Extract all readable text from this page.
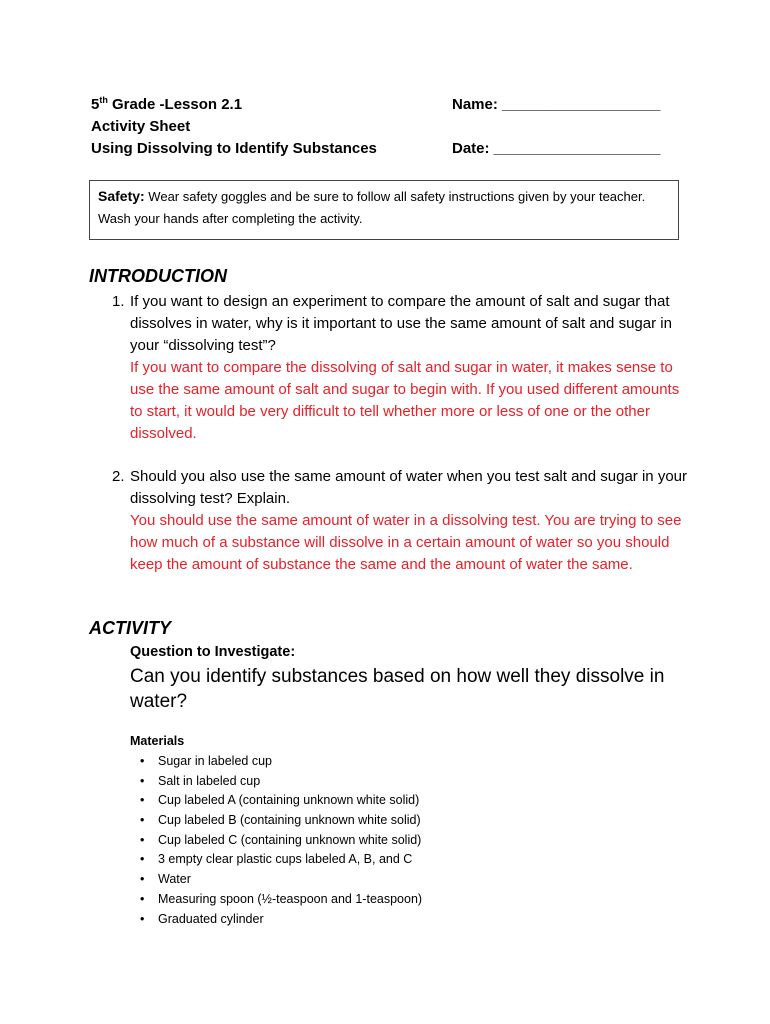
5th Grade -Lesson 2.1
Activity Sheet
Using Dissolving to Identify Substances
Name: ___________________
Date: ____________________
Safety: Wear safety goggles and be sure to follow all safety instructions given by your teacher. Wash your hands after completing the activity.
INTRODUCTION
1. If you want to design an experiment to compare the amount of salt and sugar that dissolves in water, why is it important to use the same amount of salt and sugar in your “dissolving test”?
If you want to compare the dissolving of salt and sugar in water, it makes sense to use the same amount of salt and sugar to begin with. If you used different amounts to start, it would be very difficult to tell whether more or less of one or the other dissolved.
2. Should you also use the same amount of water when you test salt and sugar in your dissolving test? Explain.
You should use the same amount of water in a dissolving test. You are trying to see how much of a substance will dissolve in a certain amount of water so you should keep the amount of substance the same and the amount of water the same.
ACTIVITY
Question to Investigate:
Can you identify substances based on how well they dissolve in water?
Materials
• Sugar in labeled cup
• Salt in labeled cup
• Cup labeled A (containing unknown white solid)
• Cup labeled B (containing unknown white solid)
• Cup labeled C (containing unknown white solid)
• 3 empty clear plastic cups labeled A, B, and C
• Water
• Measuring spoon (½-teaspoon and 1-teaspoon)
• Graduated cylinder
